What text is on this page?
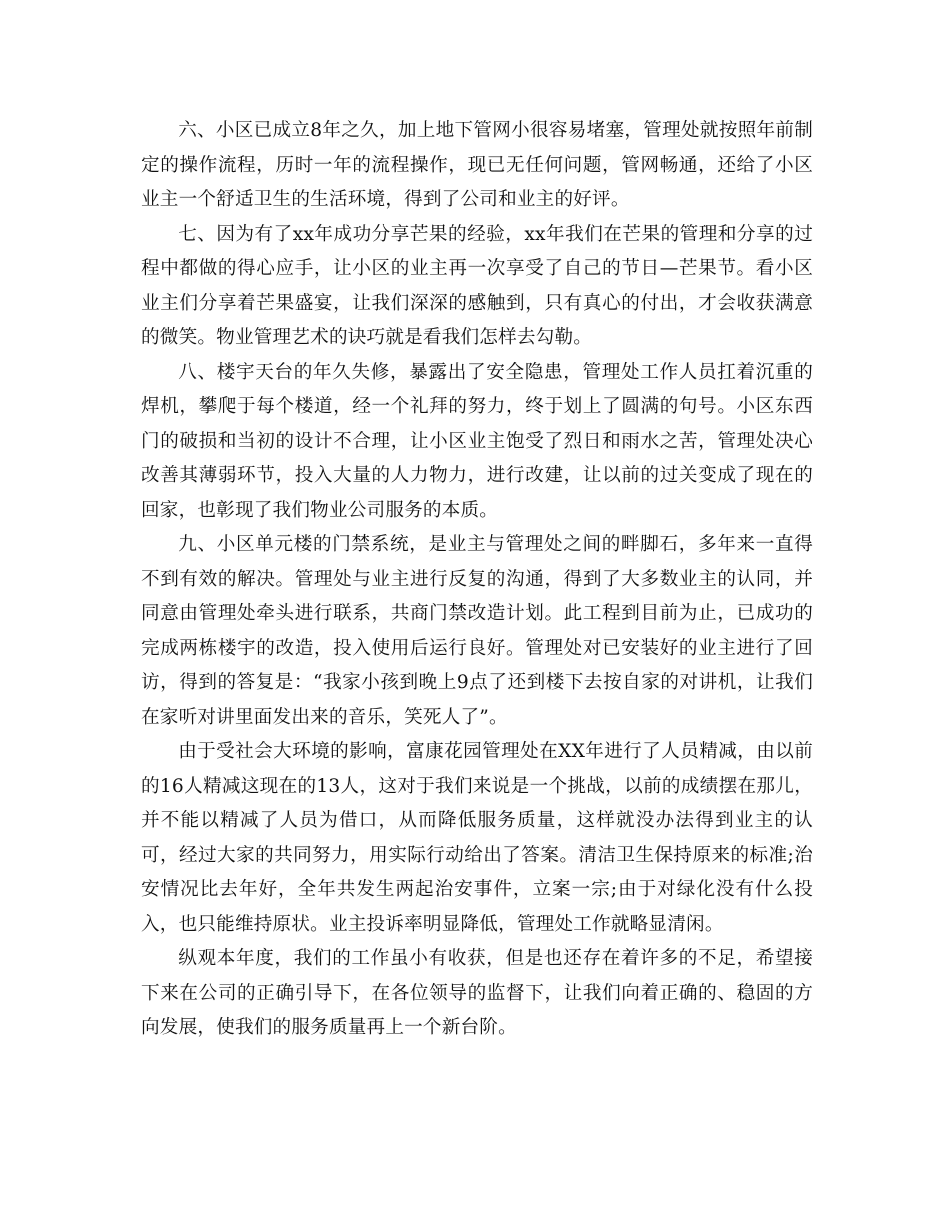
六、小区已成立8年之久，加上地下管网小很容易堵塞，管理处就按照年前制定的操作流程，历时一年的流程操作，现已无任何问题，管网畅通，还给了小区业主一个舒适卫生的生活环境，得到了公司和业主的好评。

七、因为有了xx年成功分享芒果的经验，xx年我们在芒果的管理和分享的过程中都做的得心应手，让小区的业主再一次享受了自己的节日—芒果节。看小区业主们分享着芒果盛宴，让我们深深的感触到，只有真心的付出，才会收获满意的微笑。物业管理艺术的诀巧就是看我们怎样去勾勒。

八、楼宇天台的年久失修，暴露出了安全隐患，管理处工作人员扛着沉重的焊机，攀爬于每个楼道，经一个礼拜的努力，终于划上了圆满的句号。小区东西门的破损和当初的设计不合理，让小区业主饱受了烈日和雨水之苦，管理处决心改善其薄弱环节，投入大量的人力物力，进行改建，让以前的过关变成了现在的回家，也彰现了我们物业公司服务的本质。

九、小区单元楼的门禁系统，是业主与管理处之间的畔脚石，多年来一直得不到有效的解决。管理处与业主进行反复的沟通，得到了大多数业主的认同，并同意由管理处牵头进行联系，共商门禁改造计划。此工程到目前为止，已成功的完成两栋楼宇的改造，投入使用后运行良好。管理处对已安装好的业主进行了回访，得到的答复是：“我家小孩到晚上9点了还到楼下去按自家的对讲机，让我们在家听对讲里面发出来的音乐，笑死人了”。

由于受社会大环境的影响，富康花园管理处在XX年进行了人员精减，由以前的16人精减这现在的13人，这对于我们来说是一个挑战，以前的成绩摆在那儿，并不能以精减了人员为借口，从而降低服务质量，这样就没办法得到业主的认可，经过大家的共同努力，用实际行动给出了答案。清洁卫生保持原来的标准;治安情况比去年好，全年共发生两起治安事件，立案一宗;由于对绿化没有什么投入，也只能维持原状。业主投诉率明显降低，管理处工作就略显清闲。

纵观本年度，我们的工作虽小有收获，但是也还存在着许多的不足，希望接下来在公司的正确引导下，在各位领导的监督下，让我们向着正确的、稳固的方向发展，使我们的服务质量再上一个新台阶。
